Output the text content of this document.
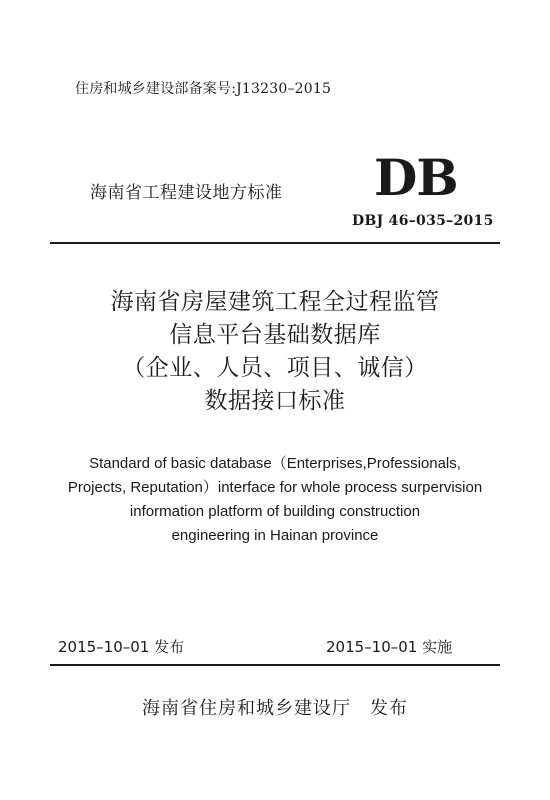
住房和城乡建设部备案号:J13230–2015
海南省工程建设地方标准 DB
DBJ 46–035–2015
海南省房屋建筑工程全过程监管
信息平台基础数据库
（企业、人员、项目、诚信）
数据接口标准
Standard of basic database（Enterprises,Professionals,
Projects, Reputation）interface for whole process surpervision
information platform of building construction
engineering in Hainan province
2015–10–01 发布	2015–10–01 实施
海南省住房和城乡建设厅　发布
